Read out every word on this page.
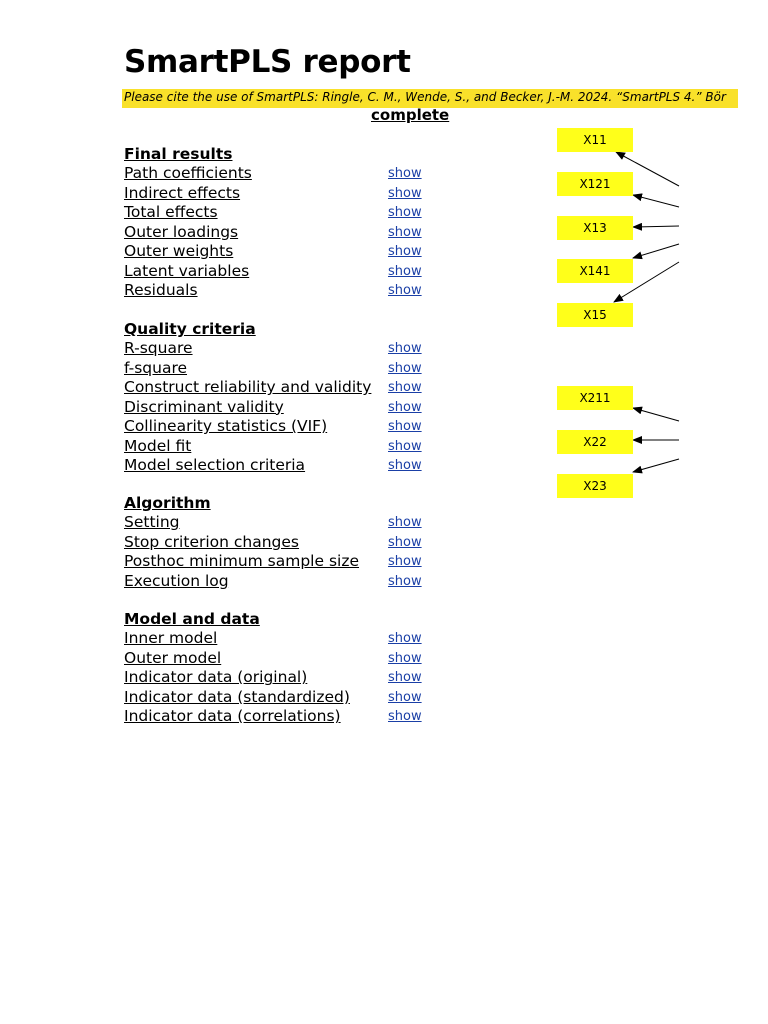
SmartPLS report
Please cite the use of SmartPLS: Ringle, C. M., Wende, S., and Becker, J.-M. 2024. “SmartPLS 4.” Bör
complete
Final results
Path coefficients	show
Indirect effects	show
Total effects	show
Outer loadings	show
Outer weights	show
Latent variables	show
Residuals	show
Quality criteria
R-square	show
f-square	show
Construct reliability and validity show
Discriminant validity	show
Collinearity statistics (VIF)	show
Model fit	show
Model selection criteria	show
Algorithm
Setting	show
Stop criterion changes	show
Posthoc minimum sample size show
Execution log	show
Model and data
Inner model	show
Outer model	show
Indicator data (original)	show
Indicator data (standardized)	show
Indicator data (correlations)	show
X11
X121
X13
X141
X15
X211
X22
X23
